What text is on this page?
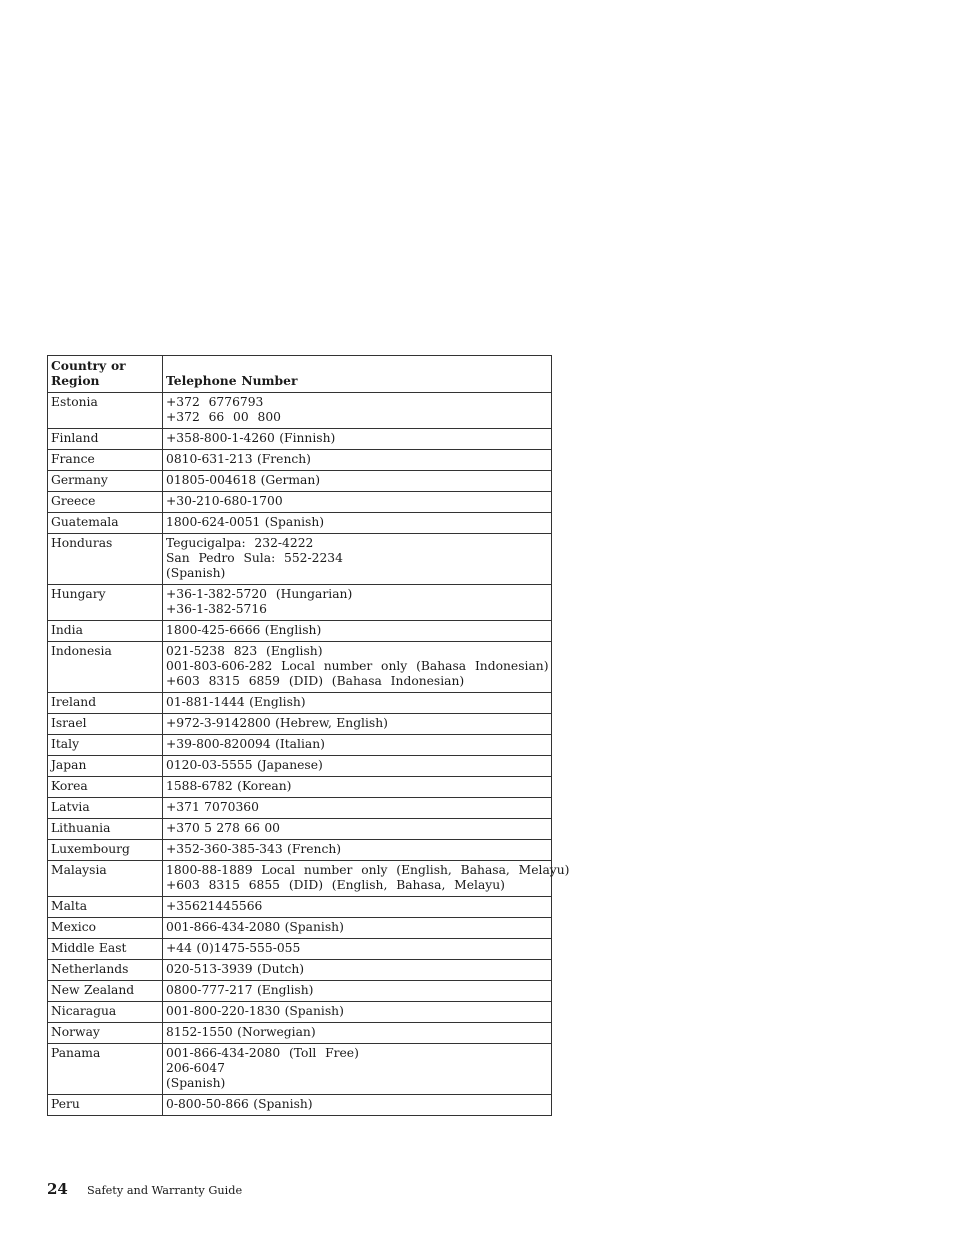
Country or
Region	Telephone Number
Estonia	+372  6776793
+372  66  00  800

Finland	+358-800-1-4260 (Finnish)

France	0810-631-213 (French)

Germany	01805-004618 (German)

Greece	+30-210-680-1700

Guatemala	1800-624-0051 (Spanish)

Honduras	Tegucigalpa:  232-4222
San  Pedro  Sula:  552-2234
(Spanish)

Hungary	+36-1-382-5720  (Hungarian)
+36-1-382-5716

India	1800-425-6666 (English)

Indonesia	021-5238  823  (English)
001-803-606-282  Local  number  only  (Bahasa  Indonesian)
+603  8315  6859  (DID)  (Bahasa  Indonesian)

Ireland	01-881-1444 (English)

Israel	+972-3-9142800 (Hebrew, English)

Italy	+39-800-820094 (Italian)

Japan	0120-03-5555 (Japanese)

Korea	1588-6782 (Korean)

Latvia	+371 7070360

Lithuania	+370 5 278 66 00

Luxembourg	+352-360-385-343 (French)

Malaysia	1800-88-1889  Local  number  only  (English,  Bahasa,  Melayu)
+603  8315  6855  (DID)  (English,  Bahasa,  Melayu)

Malta	+35621445566

Mexico	001-866-434-2080 (Spanish)

Middle East	+44 (0)1475-555-055

Netherlands	020-513-3939 (Dutch)

New Zealand	0800-777-217 (English)

Nicaragua	001-800-220-1830 (Spanish)

Norway	8152-1550 (Norwegian)

Panama	001-866-434-2080  (Toll  Free)
206-6047
(Spanish)

Peru	0-800-50-866 (Spanish)
24 Safety and Warranty Guide
